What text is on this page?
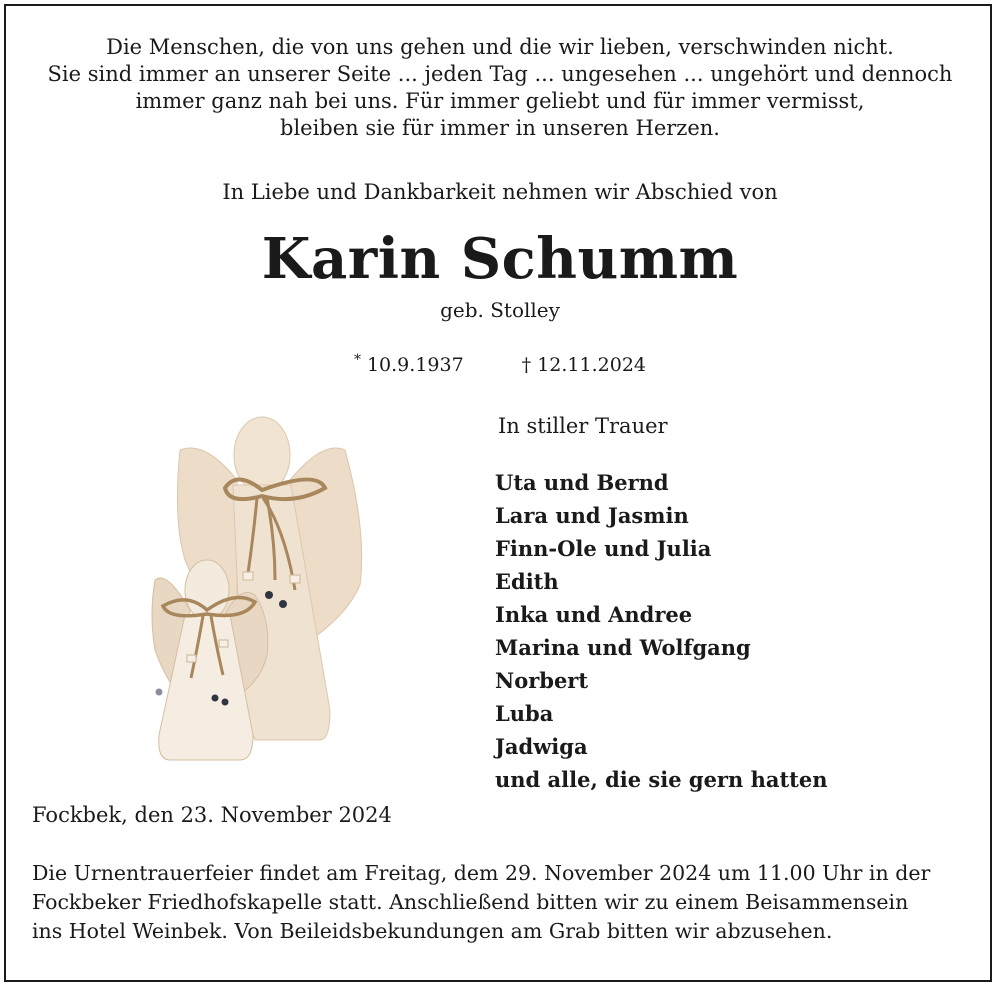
Die Menschen, die von uns gehen und die wir lieben, verschwinden nicht.
Sie sind immer an unserer Seite ... jeden Tag ... ungesehen ... ungehört und dennoch
immer ganz nah bei uns. Für immer geliebt und für immer vermisst,
bleiben sie für immer in unseren Herzen.
In Liebe und Dankbarkeit nehmen wir Abschied von
Karin Schumm
geb. Stolley
* 10.9.1937	† 12.11.2024
In stiller Trauer
Uta und Bernd
Lara und Jasmin
Finn-Ole und Julia
Edith
Inka und Andree
Marina und Wolfgang
Norbert
Luba
Jadwiga
und alle, die sie gern hatten
Fockbek, den 23. November 2024
Die Urnentrauerfeier findet am Freitag, dem 29. November 2024 um 11.00 Uhr in der
Fockbeker Friedhofskapelle statt. Anschließend bitten wir zu einem Beisammensein
ins Hotel Weinbek. Von Beileidsbekundungen am Grab bitten wir abzusehen.
